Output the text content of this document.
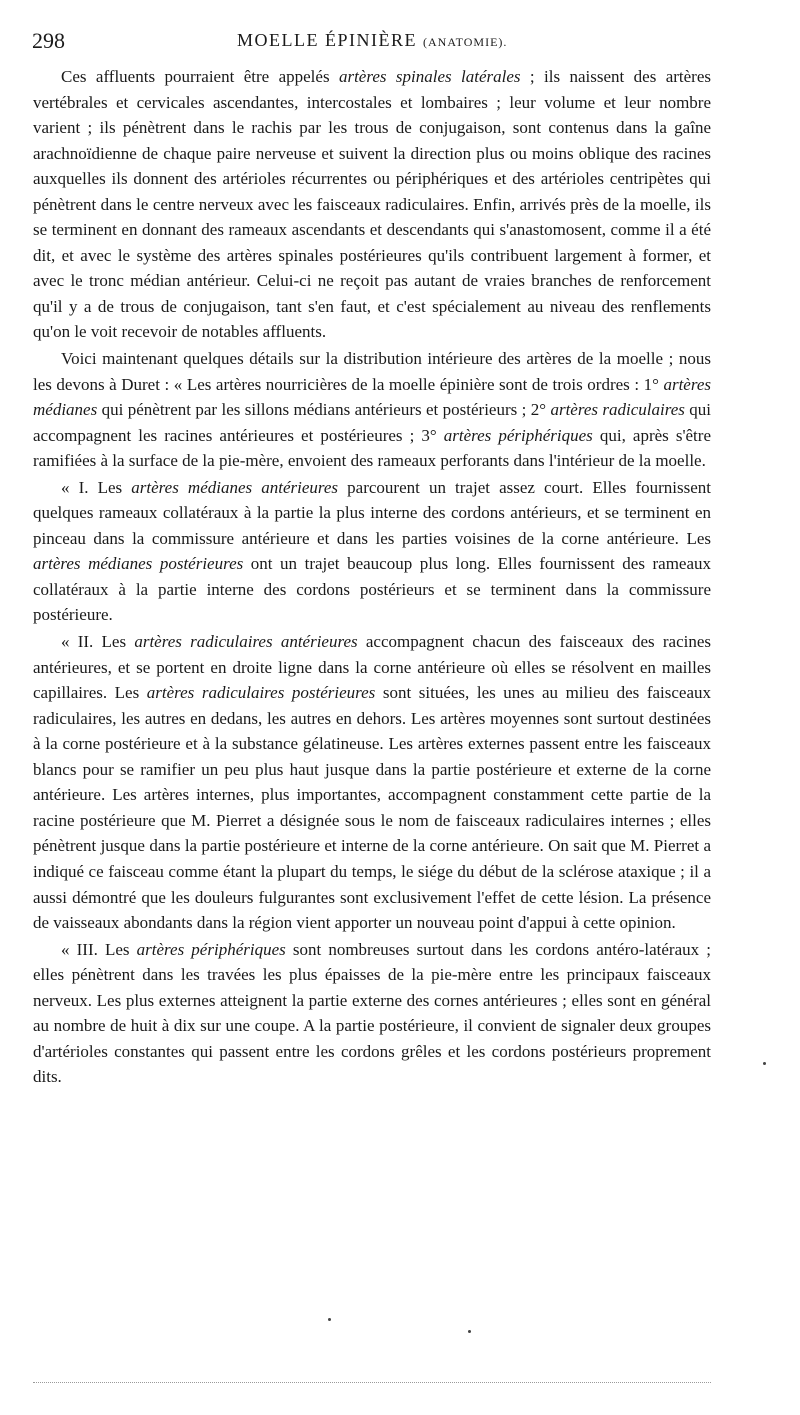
298	MOELLE ÉPINIÈRE (ANATOMIE).

Ces affluents pourraient être appelés artères spinales latérales ; ils naissent des artères vertébrales et cervicales ascendantes, intercostales et lombaires ; leur volume et leur nombre varient ; ils pénètrent dans le rachis par les trous de conjugaison, sont contenus dans la gaîne arachnoïdienne de chaque paire nerveuse et suivent la direction plus ou moins oblique des racines auxquelles ils donnent des artérioles récurrentes ou périphériques et des artérioles centripètes qui pénètrent dans le centre nerveux avec les faisceaux radiculaires. Enfin, arrivés près de la moelle, ils se terminent en donnant des rameaux ascendants et descendants qui s'anastomosent, comme il a été dit, et avec le système des artères spinales postérieures qu'ils contribuent largement à former, et avec le tronc médian antérieur. Celui-ci ne reçoit pas autant de vraies branches de renforcement qu'il y a de trous de conjugaison, tant s'en faut, et c'est spécialement au niveau des renflements qu'on le voit recevoir de notables affluents.

Voici maintenant quelques détails sur la distribution intérieure des artères de la moelle ; nous les devons à Duret : « Les artères nourricières de la moelle épinière sont de trois ordres : 1° artères médianes qui pénètrent par les sillons médians antérieurs et postérieurs ; 2° artères radiculaires qui accompagnent les racines antérieures et postérieures ; 3° artères périphériques qui, après s'être ramifiées à la surface de la pie-mère, envoient des rameaux perforants dans l'intérieur de la moelle.

« I. Les artères médianes antérieures parcourent un trajet assez court. Elles fournissent quelques rameaux collatéraux à la partie la plus interne des cordons antérieurs, et se terminent en pinceau dans la commissure antérieure et dans les parties voisines de la corne antérieure. Les artères médianes postérieures ont un trajet beaucoup plus long. Elles fournissent des rameaux collatéraux à la partie interne des cordons postérieurs et se terminent dans la commissure postérieure.

« II. Les artères radiculaires antérieures accompagnent chacun des faisceaux des racines antérieures, et se portent en droite ligne dans la corne antérieure où elles se résolvent en mailles capillaires. Les artères radiculaires postérieures sont situées, les unes au milieu des faisceaux radiculaires, les autres en dedans, les autres en dehors. Les artères moyennes sont surtout destinées à la corne postérieure et à la substance gélatineuse. Les artères externes passent entre les faisceaux blancs pour se ramifier un peu plus haut jusque dans la partie postérieure et externe de la corne antérieure. Les artères internes, plus importantes, accompagnent constamment cette partie de la racine postérieure que M. Pierret a désignée sous le nom de faisceaux radiculaires internes ; elles pénètrent jusque dans la partie postérieure et interne de la corne antérieure. On sait que M. Pierret a indiqué ce faisceau comme étant la plupart du temps, le siége du début de la sclérose ataxique ; il a aussi démontré que les douleurs fulgurantes sont exclusivement l'effet de cette lésion. La présence de vaisseaux abondants dans la région vient apporter un nouveau point d'appui à cette opinion.

« III. Les artères périphériques sont nombreuses surtout dans les cordons antéro-latéraux ; elles pénètrent dans les travées les plus épaisses de la pie-mère entre les principaux faisceaux nerveux. Les plus externes atteignent la partie externe des cornes antérieures ; elles sont en général au nombre de huit à dix sur une coupe. A la partie postérieure, il convient de signaler deux groupes d'artérioles constantes qui passent entre les cordons grêles et les cordons postérieurs proprement dits.
